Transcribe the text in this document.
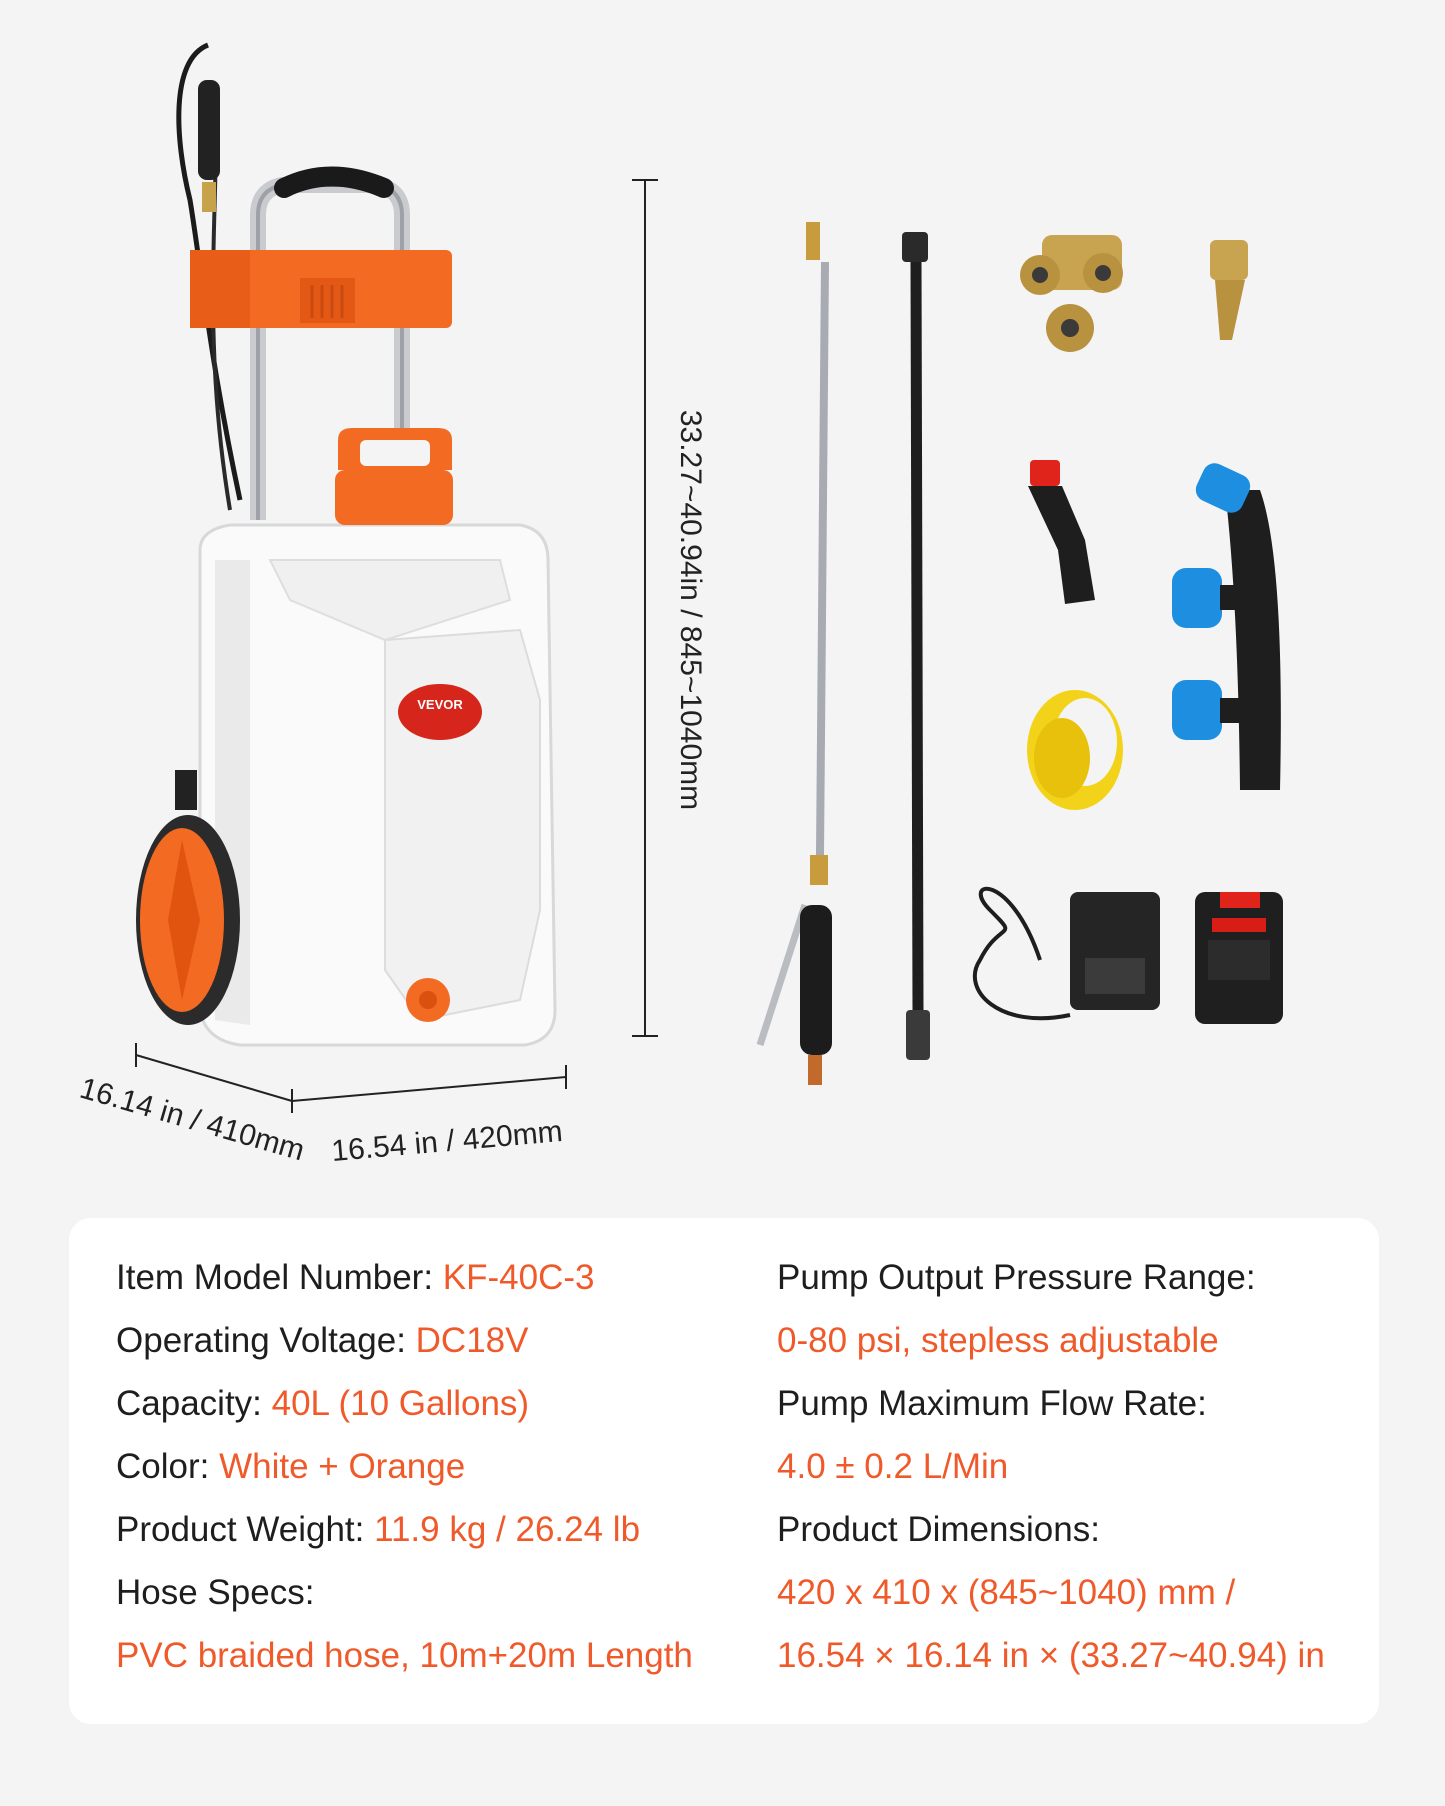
VEVOR	33.27~40.94in / 845~1040mm
16.14 in / 410mm 16.54 in / 420mm
Item Model Number: KF-40C-3
Operating Voltage: DC18V
Capacity: 40L (10 Gallons)
Color: White + Orange
Product Weight: 11.9 kg / 26.24 lb
Hose Specs:
PVC braided hose, 10m+20m Length
Pump Output Pressure Range:
0-80 psi, stepless adjustable
Pump Maximum Flow Rate:
4.0 ± 0.2 L/Min
Product Dimensions:
420 x 410 x (845~1040) mm /
16.54 × 16.14 in × (33.27~40.94) in
